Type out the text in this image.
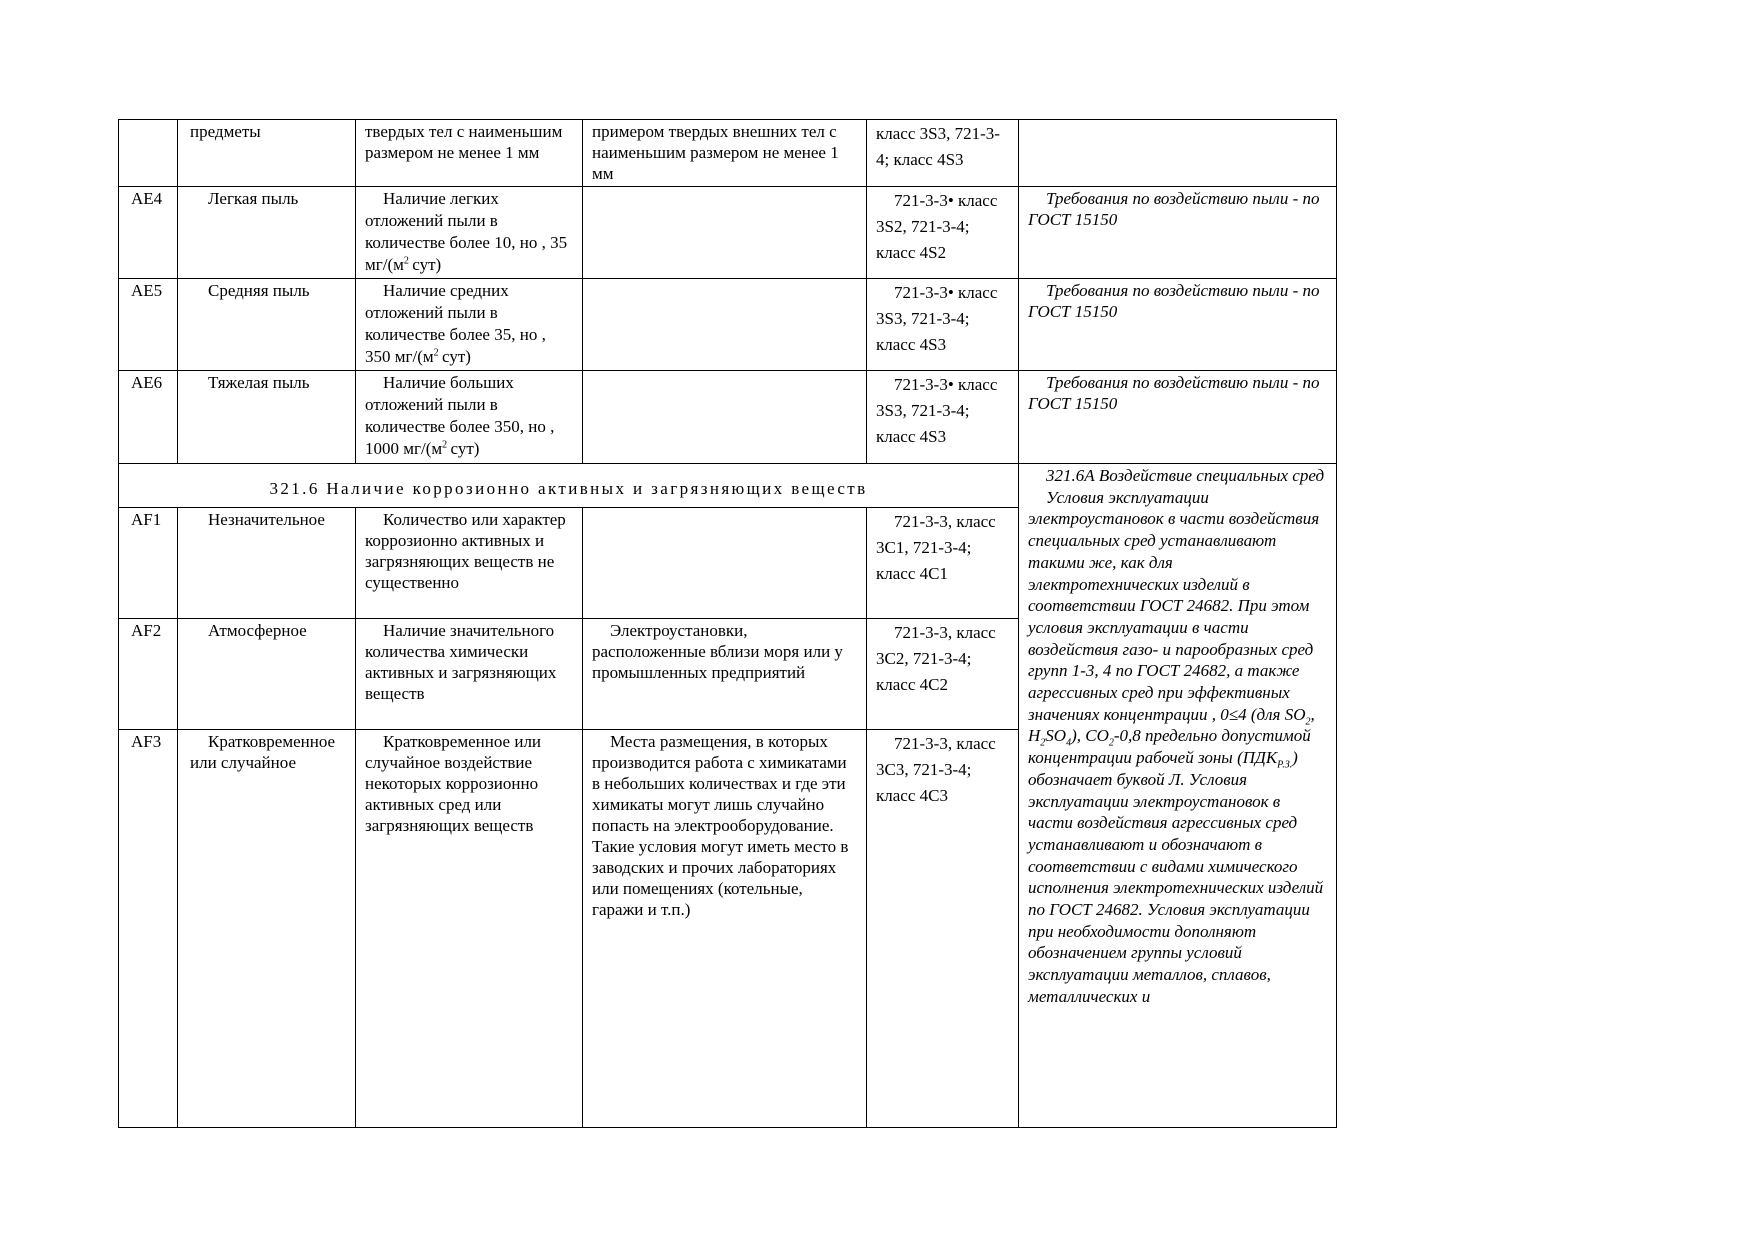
	предметы	твердых тел с наименьшим размером не менее 1 мм	примером твердых внешних тел с наименьшим размером не менее 1 мм	класс 3S3, 721-3-4; класс 4S3	
AE4	Легкая пыль	Наличие легких отложений пыли в количестве более 10, но , 35 $мг/(м^2$  сут)		721-3-3• класс 3S2, 721-3-4; класс 4S2	Требования по воздействию пыли - по ГОСТ 15150
AE5	Средняя пыль	Наличие средних отложений пыли в количестве более 35, но , 350 $мг/(м^2$  сут)		721-3-3• класс 3S3, 721-3-4; класс 4S3	Требования по воздействию пыли - по ГОСТ 15150
AE6	Тяжелая пыль	Наличие больших отложений пыли в количестве более 350, но , 1000 $мг/(м^2$  сут)		721-3-3• класс 3S3, 721-3-4; класс 4S3	Требования по воздействию пыли - по ГОСТ 15150
321.6 Наличие коррозионно активных и загрязняющих веществ					321.6А Воздействие специальных сред
Условия эксплуатации электроустановок в части воздействия специальных сред устанавливают такими же, как для электротехнических изделий в соответствии ГОСТ 24682. При этом условия эксплуатации в части воздействия газо- и парообразных сред групп 1-3, 4 по ГОСТ 24682, а также агрессивных сред при эффективных значениях концентрации , 0≤4 (для $SO_2$, $H_2SO_4$), $CO_2-0,8$ предельно допустимой концентрации рабочей зоны $(ПДК_{Р.З.})$ обозначает буквой Л. Условия эксплуатации электроустановок в части воздействия агрессивных сред устанавливают и обозначают в соответствии с видами химического исполнения электротехнических изделий по ГОСТ 24682. Условия эксплуатации при необходимости дополняют обозначением группы условий эксплуатации металлов, сплавов, металлических и

AF1	Незначительное	Количество или характер коррозионно активных и загрязняющих веществ не существенно		721-3-3, класс 3C1, 721-3-4; класс 4C1	
AF2	Атмосферное	Наличие значительного количества химически активных и загрязняющих веществ	Электроустановки, расположенные вблизи моря или у промышленных предприятий	721-3-3, класс 3C2, 721-3-4; класс 4C2	
AF3	Кратковременное или случайное	Кратковременное или случайное воздействие некоторых коррозионно активных сред или загрязняющих веществ	Места размещения, в которых производится работа с химикатами в небольших количествах и где эти химикаты могут лишь случайно попасть на электрооборудование. Такие условия могут иметь место в заводских и прочих лабораториях или помещениях (котельные, гаражи и т.п.)	721-3-3, класс 3C3, 721-3-4; класс 4C3	
